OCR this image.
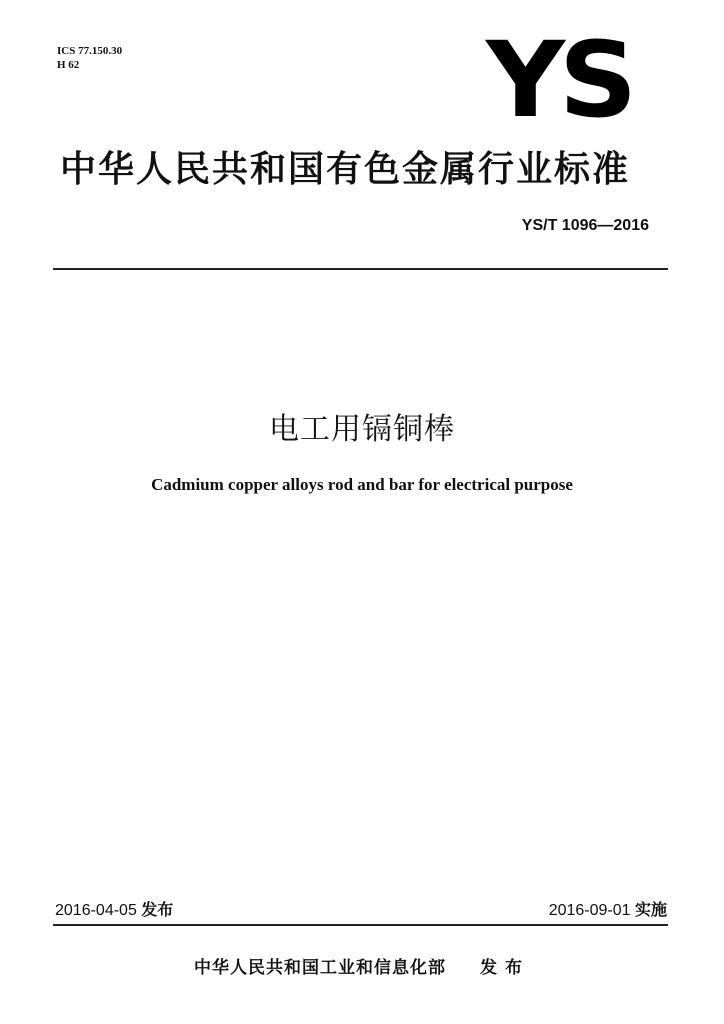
ICS 77.150.30
H 62	YS
中华人民共和国有色金属行业标准
YS/T 1096—2016
电工用镉铜棒
Cadmium copper alloys rod and bar for electrical purpose
2016-04-05 发布	2016-09-01 实施
中华人民共和国工业和信息化部 发布
